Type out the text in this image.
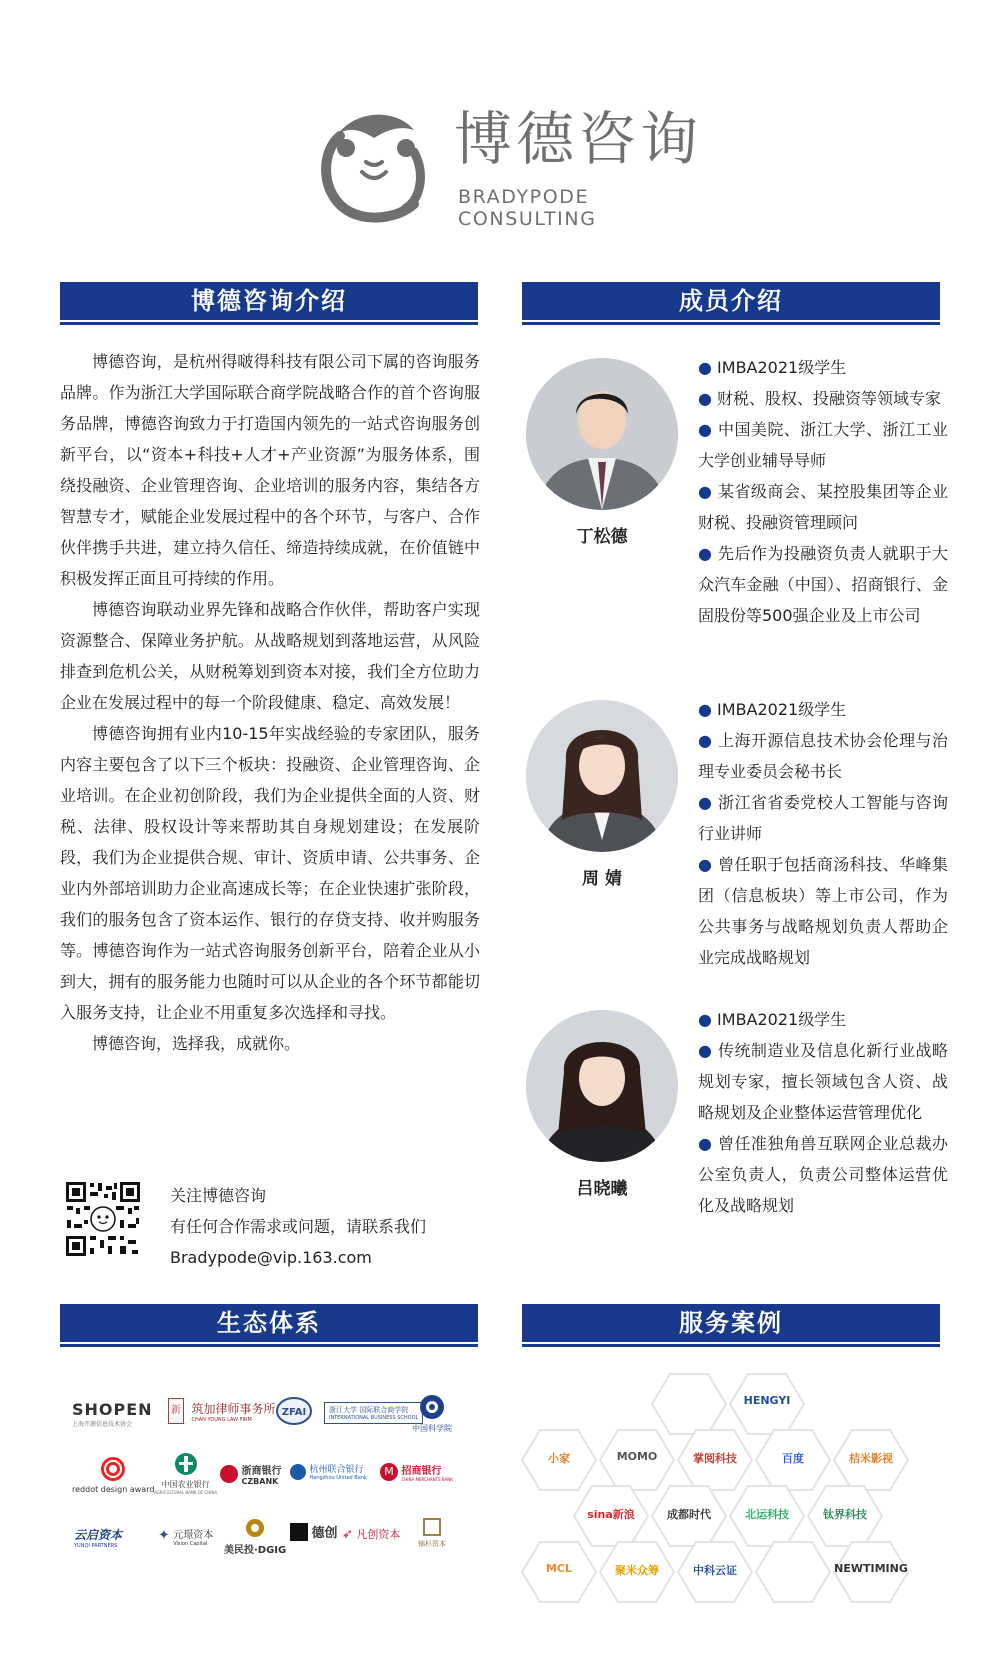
博德咨询
BRADYPODE CONSULTING
博德咨询介绍

博德咨询，是杭州得啵得科技有限公司下属的咨询服务品牌。作为浙江大学国际联合商学院战略合作的首个咨询服务品牌，博德咨询致力于打造国内领先的一站式咨询服务创新平台，以“资本+科技+人才+产业资源”为服务体系，围绕投融资、企业管理咨询、企业培训的服务内容，集结各方智慧专才，赋能企业发展过程中的各个环节，与客户、合作伙伴携手共进，建立持久信任、缔造持续成就，在价值链中积极发挥正面且可持续的作用。

博德咨询联动业界先锋和战略合作伙伴，帮助客户实现资源整合、保障业务护航。从战略规划到落地运营，从风险排查到危机公关，从财税筹划到资本对接，我们全方位助力企业在发展过程中的每一个阶段健康、稳定、高效发展！

博德咨询拥有业内10-15年实战经验的专家团队，服务内容主要包含了以下三个板块：投融资、企业管理咨询、企业培训。在企业初创阶段，我们为企业提供全面的人资、财税、法律、股权设计等来帮助其自身规划建设；在发展阶段，我们为企业提供合规、审计、资质申请、公共事务、企业内外部培训助力企业高速成长等；在企业快速扩张阶段，我们的服务包含了资本运作、银行的存贷支持、收并购服务等。博德咨询作为一站式咨询服务创新平台，陪着企业从小到大，拥有的服务能力也随时可以从企业的各个环节都能切入服务支持，让企业不用重复多次选择和寻找。

博德咨询，选择我，成就你。

关注博德咨询
有任何合作需求或问题，请联系我们
Bradypode@vip.163.com
成员介绍
丁松德
● IMBA2021级学生
● 财税、股权、投融资等领域专家
● 中国美院、浙江大学、浙江工业大学创业辅导导师
● 某省级商会、某控股集团等企业财税、投融资管理顾问
● 先后作为投融资负责人就职于大众汽车金融（中国）、招商银行、金固股份等500强企业及上市公司
周 婧
● IMBA2021级学生
● 上海开源信息技术协会伦理与治理专业委员会秘书长
● 浙江省省委党校人工智能与咨询行业讲师
● 曾任职于包括商汤科技、华峰集团（信息板块）等上市公司，作为公共事务与战略规划负责人帮助企业完成战略规划
吕晓曦
● IMBA2021级学生
● 传统制造业及信息化新行业战略规划专家，擅长领域包含人资、战略规划及企业整体运营管理优化
● 曾任准独角兽互联网企业总裁办公室负责人，负责公司整体运营优化及战略规划
生态体系
SHOPEN
上海开源信息技术协会
新 筑加律师事务所
CHAN YOUNG LAW FIRM
ZFAI	浙江大学 国际联合商学院
INTERNATIONAL BUSINESS SCHOOL
中国科学院
reddot design award
中国农业银行
AGRICULTURAL BANK OF CHINA

浙商银行
CZBANK

杭州联合银行
Hangzhou United Bank	M 招商银行
CHINA MERCHANTS BANK
云启资本
YUNQI PARTNERS
✦ 元璟资本
Vision Capital
美民投·DGIG
德创 ➶ 凡创资本
锦杉资本
服务案例
HENGYI
小家	MOMO	掌阅科技	百度	桔米影视
sina新浪	成都时代	北运科技	钛界科技
MCL	聚米众筹	中科云证	NEWTIMING
